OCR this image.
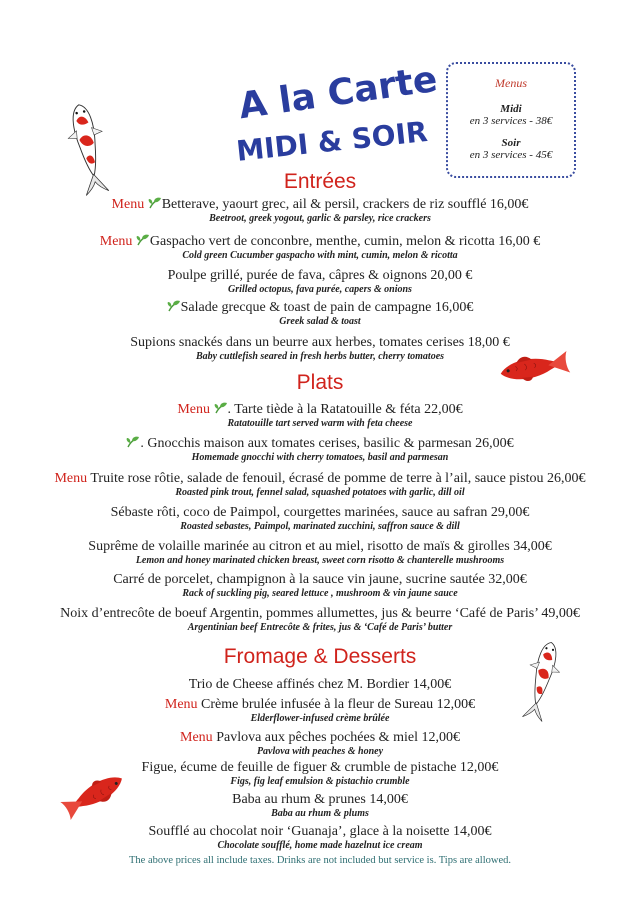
A la Carte
MIDI & SOIR
Menus
Midi
en 3 services - 38€
Soir
en 3 services - 45€
Entrées
Menu Betterave, yaourt grec, ail & persil, crackers de riz soufflé 16,00€
Beetroot, greek yogout, garlic & parsley, rice crackers
Menu Gaspacho vert de conconbre, menthe, cumin, melon & ricotta 16,00 €
Cold green Cucumber gaspacho with mint, cumin, melon & ricotta
Poulpe grillé, purée de fava, câpres & oignons 20,00 €
Grilled octopus, fava purée, capers & onions
Salade grecque & toast de pain de campagne 16,00€
Greek salad & toast
Supions snackés dans un beurre aux herbes, tomates cerises 18,00 €
Baby cuttlefish seared in fresh herbs butter, cherry tomatoes
Plats
Menu . Tarte tiède à la Ratatouille & féta 22,00€
Ratatouille tart served warm with feta cheese
. Gnocchis maison aux tomates cerises, basilic & parmesan 26,00€
Homemade gnocchi with cherry tomatoes, basil and parmesan
Menu Truite rose rôtie, salade de fenouil, écrasé de pomme de terre à l’ail, sauce pistou 26,00€
Roasted pink trout, fennel salad, squashed potatoes with garlic, dill oil
Sébaste rôti, coco de Paimpol, courgettes marinées, sauce au safran 29,00€
Roasted sebastes, Paimpol, marinated zucchini, saffron sauce & dill
Suprême de volaille marinée au citron et au miel, risotto de maïs & girolles 34,00€
Lemon and honey marinated chicken breast, sweet corn risotto & chanterelle mushrooms
Carré de porcelet, champignon à la sauce vin jaune, sucrine sautée 32,00€
Rack of suckling pig, seared lettuce , mushroom & vin jaune sauce
Noix d’entrecôte de boeuf Argentin, pommes allumettes, jus & beurre ‘Café de Paris’ 49,00€
Argentinian beef Entrecôte & frites, jus & ‘Café de Paris’ butter
Fromage & Desserts
Trio de Cheese affinés chez M. Bordier 14,00€
Menu Crème brulée infusée à la fleur de Sureau 12,00€
Elderflower-infused crème brûlée
Menu Pavlova aux pêches pochées & miel 12,00€
Pavlova with peaches & honey
Figue, écume de feuille de figuer & crumble de pistache 12,00€
Figs, fig leaf emulsion & pistachio crumble
Baba au rhum & prunes 14,00€
Baba au rhum & plums
Soufflé au chocolat noir ‘Guanaja’, glace à la noisette 14,00€
Chocolate soufflé, home made hazelnut ice cream
The above prices all include taxes. Drinks are not included but service is. Tips are allowed.
